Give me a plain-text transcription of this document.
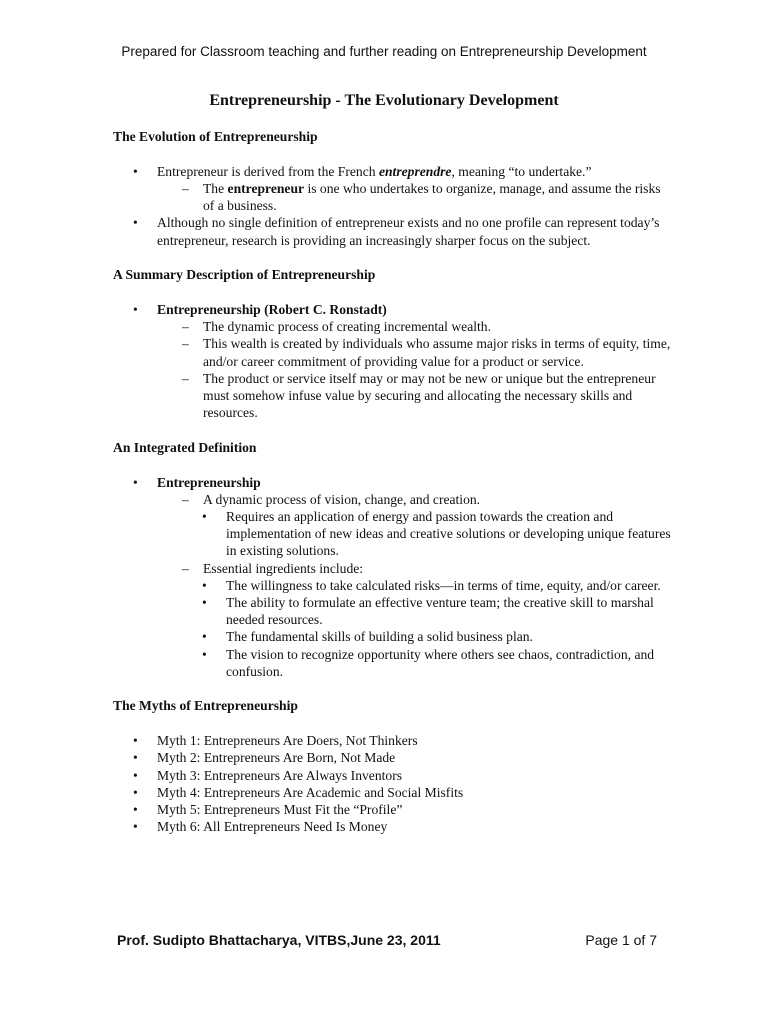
Prepared for Classroom teaching and further reading on Entrepreneurship Development
Entrepreneurship - The Evolutionary Development
The Evolution of Entrepreneurship
• Entrepreneur is derived from the French entreprendre, meaning “to undertake.”
– The entrepreneur is one who undertakes to organize, manage, and assume the risks of a business.
• Although no single definition of entrepreneur exists and no one profile can represent today’s entrepreneur, research is providing an increasingly sharper focus on the subject.
A Summary Description of Entrepreneurship
• Entrepreneurship (Robert C. Ronstadt)
– The dynamic process of creating incremental wealth.
– This wealth is created by individuals who assume major risks in terms of equity, time, and/or career commitment of providing value for a product or service.
– The product or service itself may or may not be new or unique but the entrepreneur must somehow infuse value by securing and allocating the necessary skills and resources.
An Integrated Definition
• Entrepreneurship
– A dynamic process of vision, change, and creation.
• Requires an application of energy and passion towards the creation and implementation of new ideas and creative solutions or developing unique features in existing solutions.
– Essential ingredients include:
• The willingness to take calculated risks—in terms of time, equity, and/or career.
• The ability to formulate an effective venture team; the creative skill to marshal needed resources.
• The fundamental skills of building a solid business plan.
• The vision to recognize opportunity where others see chaos, contradiction, and confusion.
The Myths of Entrepreneurship
• Myth 1: Entrepreneurs Are Doers, Not Thinkers
• Myth 2: Entrepreneurs Are Born, Not Made
• Myth 3: Entrepreneurs Are Always Inventors
• Myth 4: Entrepreneurs Are Academic and Social Misfits
• Myth 5: Entrepreneurs Must Fit the “Profile”
• Myth 6: All Entrepreneurs Need Is Money
Prof. Sudipto Bhattacharya, VITBS,June 23, 2011	Page 1 of 7
